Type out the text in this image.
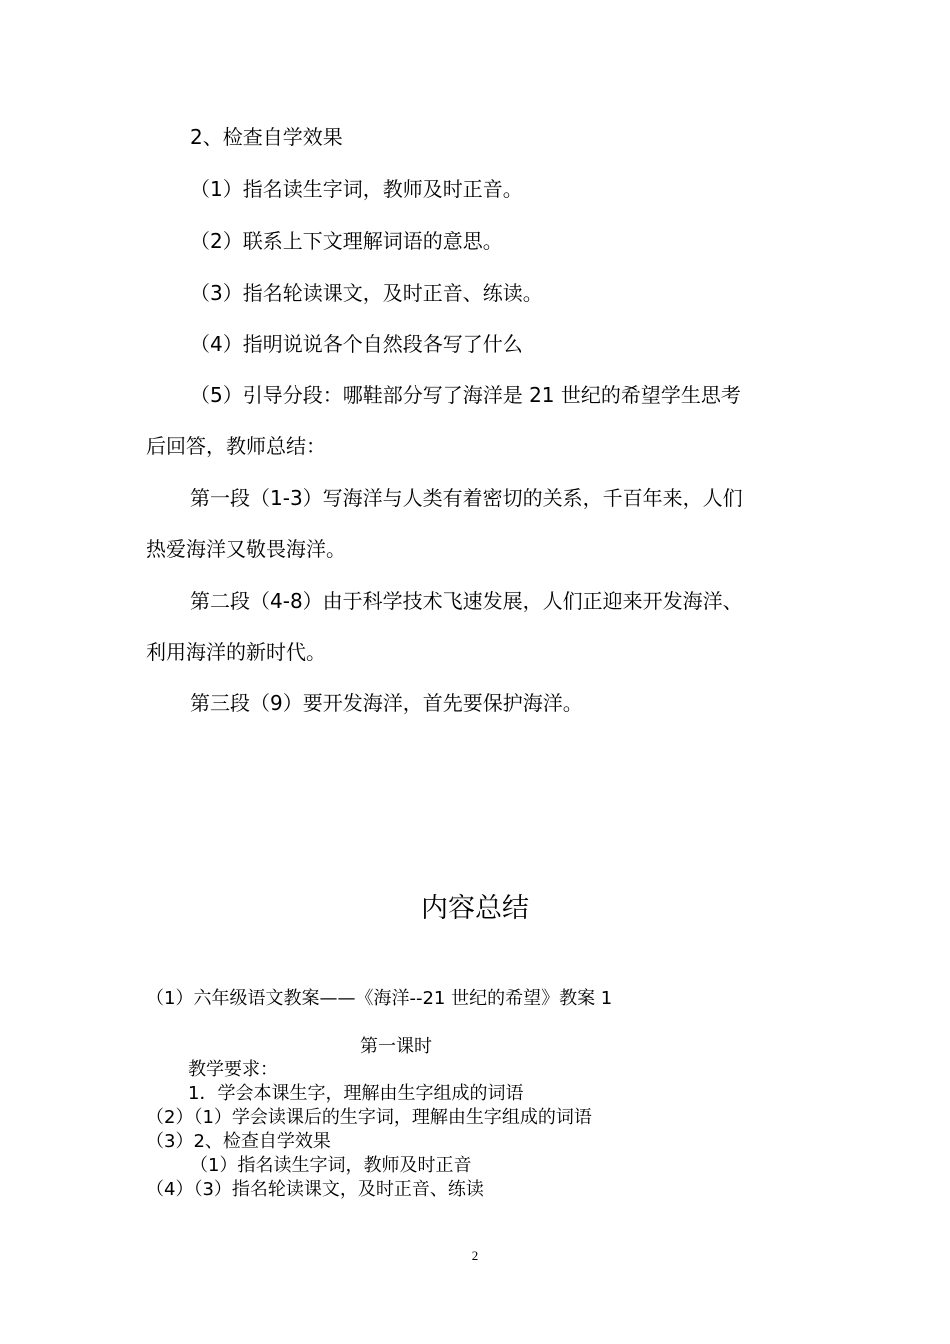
2、检查自学效果
（1）指名读生字词，教师及时正音。
（2）联系上下文理解词语的意思。
（3）指名轮读课文，及时正音、练读。
（4）指明说说各个自然段各写了什么
（5）引导分段：哪鞋部分写了海洋是 21 世纪的希望学生思考
后回答，教师总结：
第一段（1-3）写海洋与人类有着密切的关系，千百年来，人们
热爱海洋又敬畏海洋。
第二段（4-8）由于科学技术飞速发展，人们正迎来开发海洋、
利用海洋的新时代。
第三段（9）要开发海洋，首先要保护海洋。
内容总结
（1）六年级语文教案——《海洋--21 世纪的希望》教案 1
第一课时
教学要求：
1．学会本课生字，理解由生字组成的词语
（2）（1）学会读课后的生字词，理解由生字组成的词语
（3）2、检查自学效果
（1）指名读生字词，教师及时正音
（4）（3）指名轮读课文，及时正音、练读
2
